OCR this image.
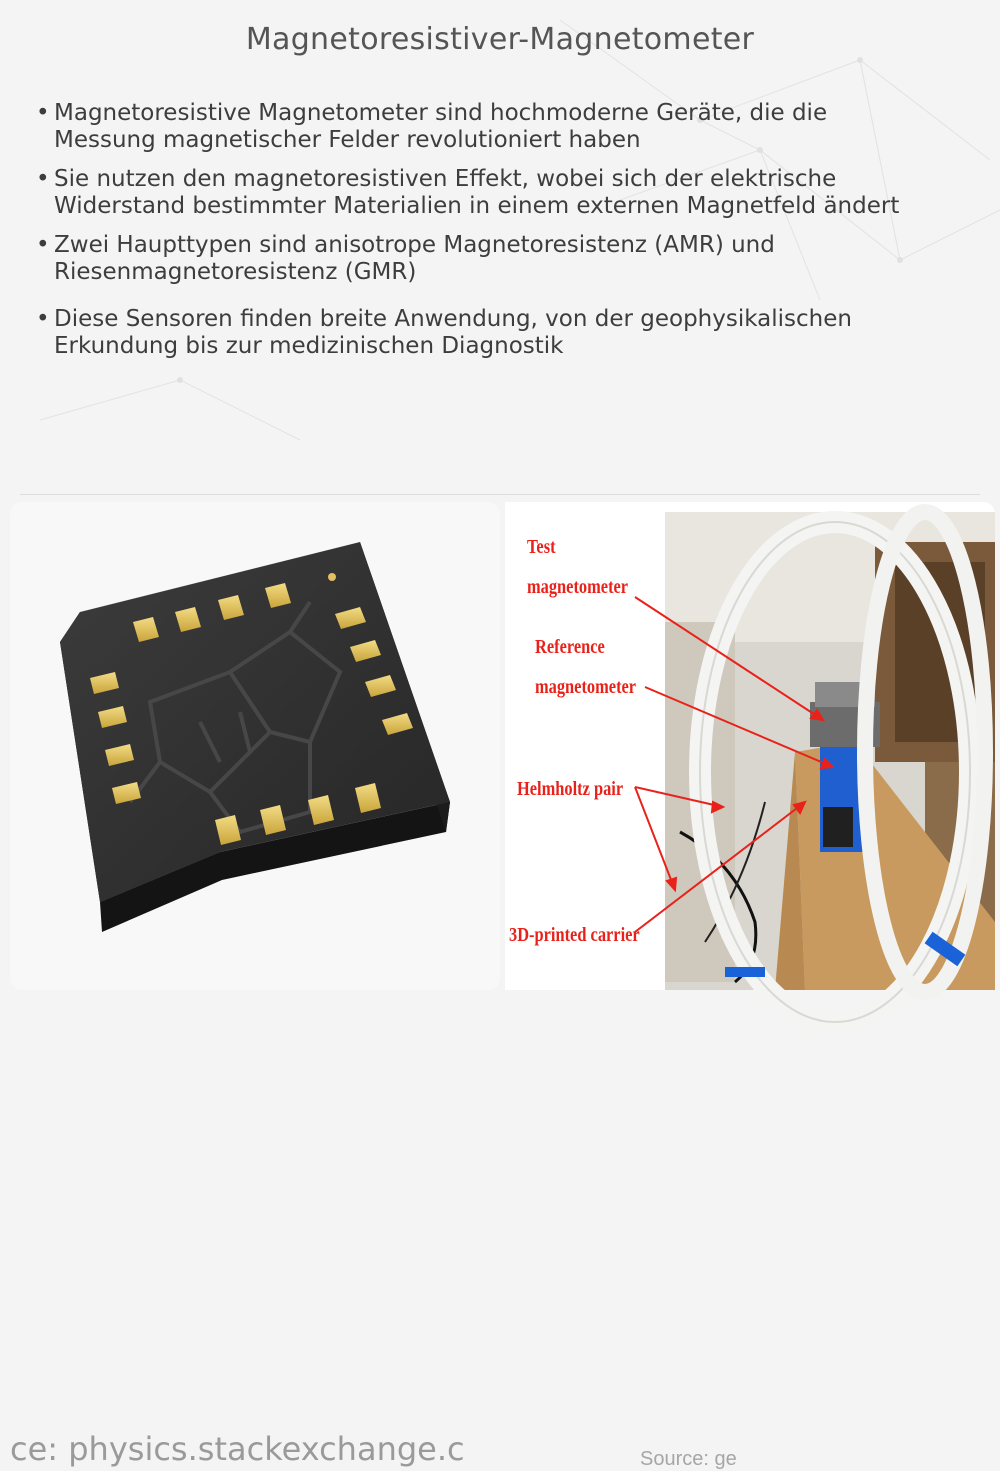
Magnetoresistiver-Magnetometer
• Magnetoresistive Magnetometer sind hochmoderne Geräte, die die
Messung magnetischer Felder revolutioniert haben
• Sie nutzen den magnetoresistiven Effekt, wobei sich der elektrische
Widerstand bestimmter Materialien in einem externen Magnetfeld ändert
• Zwei Haupttypen sind anisotrope Magnetoresistenz (AMR) und
Riesenmagnetoresistenz (GMR)
• Diese Sensoren finden breite Anwendung, von der geophysikalischen
Erkundung bis zur medizinischen Diagnostik
ce: physics.stackexchange.c
Test
magnetometer
Reference
magnetometer
Helmholtz pair
3D-printed carrier
Source: ge
